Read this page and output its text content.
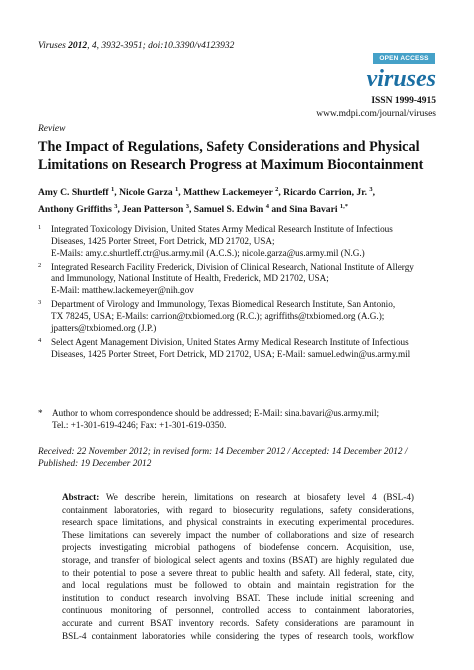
Viruses 2012, 4, 3932-3951; doi:10.3390/v4123932
OPEN ACCESS
viruses
ISSN 1999-4915
www.mdpi.com/journal/viruses
Review
The Impact of Regulations, Safety Considerations and Physical
Limitations on Research Progress at Maximum Biocontainment
Amy C. Shurtleff $^1$, Nicole Garza $^1$, Matthew Lackemeyer $^2$, Ricardo Carrion, Jr. $^3$,
Anthony Griffiths $^3$, Jean Patterson $^3$, Samuel S. Edwin $^4$ and Sina Bavari $^{1,*}$
1	Integrated Toxicology Division, United States Army Medical Research Institute of Infectious
Diseases, 1425 Porter Street, Fort Detrick, MD 21702, USA;
E-Mails: amy.c.shurtleff.ctr@us.army.mil (A.C.S.); nicole.garza@us.army.mil (N.G.)
2	Integrated Research Facility Frederick, Division of Clinical Research, National Institute of Allergy
and Immunology, National Institute of Health, Frederick, MD 21702, USA;
E-Mail: matthew.lackemeyer@nih.gov
3	Department of Virology and Immunology, Texas Biomedical Research Institute, San Antonio,
TX 78245, USA; E-Mails: carrion@txbiomed.org (R.C.); agriffiths@txbiomed.org (A.G.);
jpatters@txbiomed.org (J.P.)
4	Select Agent Management Division, United States Army Medical Research Institute of Infectious
Diseases, 1425 Porter Street, Fort Detrick, MD 21702, USA; E-Mail: samuel.edwin@us.army.mil
*	Author to whom correspondence should be addressed; E-Mail: sina.bavari@us.army.mil;
Tel.: +1-301-619-4246; Fax: +1-301-619-0350.
Received: 22 November 2012; in revised form: 14 December 2012 / Accepted: 14 December 2012 /
Published: 19 December 2012
Abstract: We describe herein, limitations on research at biosafety level 4 (BSL-4)
containment laboratories, with regard to biosecurity regulations, safety considerations,
research space limitations, and physical constraints in executing experimental procedures.
These limitations can severely impact the number of collaborations and size of research
projects investigating microbial pathogens of biodefense concern. Acquisition, use,
storage, and transfer of biological select agents and toxins (BSAT) are highly regulated due
to their potential to pose a severe threat to public health and safety. All federal, state, city,
and local regulations must be followed to obtain and maintain registration for the
institution to conduct research involving BSAT. These include initial screening and
continuous monitoring of personnel, controlled access to containment laboratories,
accurate and current BSAT inventory records. Safety considerations are paramount in
BSL-4 containment laboratories while considering the types of research tools, workflow
